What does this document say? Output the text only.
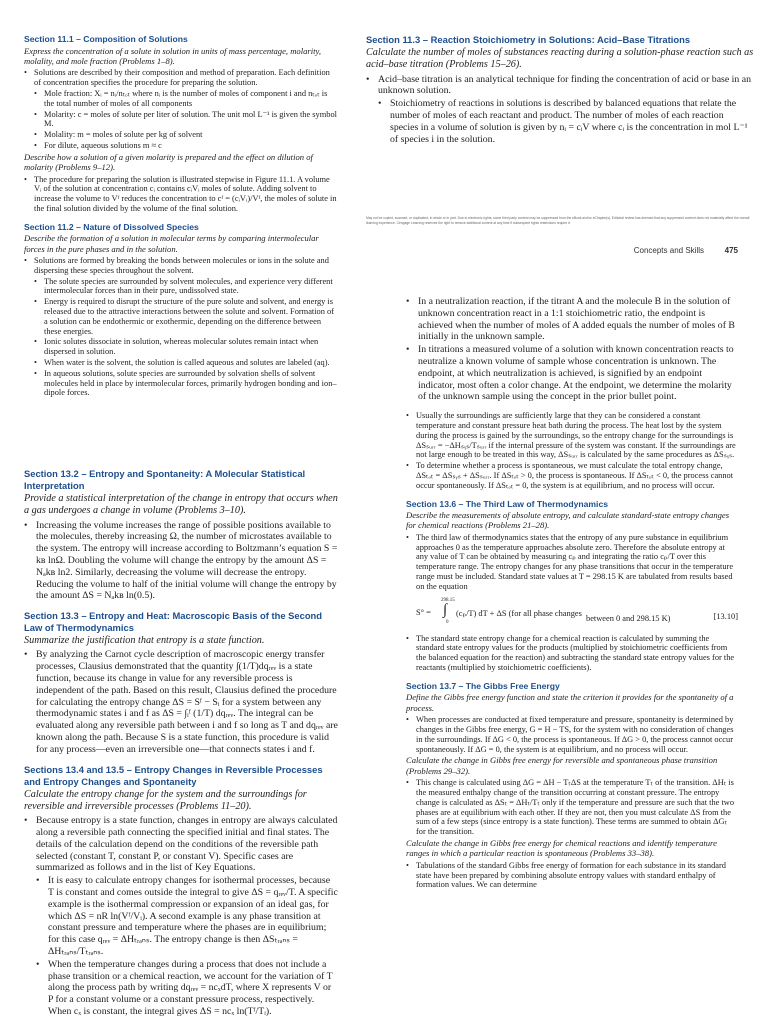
Section 11.1 – Composition of Solutions
Express the concentration of a solute in solution in units of mass percentage, molarity, molality, and mole fraction (Problems 1–8).
• Solutions are described by their composition and method of preparation. Each definition of concentration specifies the procedure for preparing the solution.
• Mole fraction: Xᵢ = nᵢ/nₜₒₜ where nᵢ is the number of moles of component i and nₜₒₜ is the total number of moles of all components
• Molarity: c = moles of solute per liter of solution. The unit mol L⁻¹ is given the symbol M.
• Molality: m = moles of solute per kg of solvent
• For dilute, aqueous solutions m ≈ c
Describe how a solution of a given molarity is prepared and the effect on dilution of molarity (Problems 9–12).
• The procedure for preparing the solution is illustrated stepwise in Figure 11.1. A volume Vᵢ of the solution at concentration cᵢ contains cᵢVᵢ moles of solute. Adding solvent to increase the volume to Vᶠ reduces the concentration to cᶠ = (cᵢVᵢ)/Vᶠ, the moles of solute in the final solution divided by the volume of the final solution.
Section 11.2 – Nature of Dissolved Species
Describe the formation of a solution in molecular terms by comparing intermolecular forces in the pure phases and in the solution.
• Solutions are formed by breaking the bonds between molecules or ions in the solute and dispersing these species throughout the solvent.
• The solute species are surrounded by solvent molecules, and experience very different intermolecular forces than in their pure, undissolved state.
• Energy is required to disrupt the structure of the pure solute and solvent, and energy is released due to the attractive interactions between the solute and solvent. Formation of a solution can be endothermic or exothermic, depending on the difference between these energies.
• Ionic solutes dissociate in solution, whereas molecular solutes remain intact when dispersed in solution.
• When water is the solvent, the solution is called aqueous and solutes are labeled (aq).
• In aqueous solutions, solute species are surrounded by solvation shells of solvent molecules held in place by intermolecular forces, primarily hydrogen bonding and ion–dipole forces.
Section 11.3 – Reaction Stoichiometry in Solutions: Acid–Base Titrations
Calculate the number of moles of substances reacting during a solution-phase reaction such as acid–base titration (Problems 15–26).
• Acid–base titration is an analytical technique for finding the concentration of acid or base in an unknown solution.
• Stoichiometry of reactions in solutions is described by balanced equations that relate the number of moles of each reactant and product. The number of moles of each reaction species in a volume of solution is given by nᵢ = cᵢV where cᵢ is the concentration in mol L⁻¹ of species i in the solution.
May not be copied, scanned, or duplicated, in whole or in part. Due to electronic rights, some third party content may be suppressed from the eBook and/or eChapter(s). Editorial review has deemed that any suppressed content does not materially affect the overall learning experience. Cengage Learning reserves the right to remove additional content at any time if subsequent rights restrictions require it.
Concepts and Skills	475
• In a neutralization reaction, if the titrant A and the molecule B in the solution of unknown concentration react in a 1:1 stoichiometric ratio, the endpoint is achieved when the number of moles of A added equals the number of moles of B initially in the unknown sample.
• In titrations a measured volume of a solution with known concentration reacts to neutralize a known volume of sample whose concentration is unknown. The endpoint, at which neutralization is achieved, is signified by an endpoint indicator, most often a color change. At the endpoint, we determine the molarity of the unknown sample using the concept in the prior bullet point.
• Usually the surroundings are sufficiently large that they can be considered a constant temperature and constant pressure heat bath during the process. The heat lost by the system during the process is gained by the surroundings, so the entropy change for the surroundings is ΔSₛᵤᵣᵣ = −ΔHₛᵧₛ/Tₛᵤᵣᵣ if the internal pressure of the system was constant. If the surroundings are not large enough to be treated in this way, ΔSₛᵤᵣᵣ is calculated by the same procedures as ΔSₛᵧₛ.
• To determine whether a process is spontaneous, we must calculate the total entropy change, ΔSₜₒₜ = ΔSₛᵧₛ + ΔSₛᵤᵣᵣ. If ΔSₜₒₜ > 0, the process is spontaneous. If ΔSₜₒₜ < 0, the process cannot occur spontaneously. If ΔSₜₒₜ = 0, the system is at equilibrium, and no process will occur.
Section 13.6 – The Third Law of Thermodynamics
Describe the measurements of absolute entropy, and calculate standard-state entropy changes for chemical reactions (Problems 21–28).
• The third law of thermodynamics states that the entropy of any pure substance in equilibrium approaches 0 as the temperature approaches absolute zero. Therefore the absolute entropy at any value of T can be obtained by measuring cₚ and integrating the ratio cₚ/T over this temperature range. The entropy changes for any phase transitions that occur in the temperature range must be included. Standard state values at T = 298.15 K are tabulated from results based on the equation
S° =
298.15
∫
0
(cₚ/T) dT + ΔS (for all phase changes
between 0 and 298.15 K)	[13.10]
• The standard state entropy change for a chemical reaction is calculated by summing the standard state entropy values for the products (multiplied by stoichiometric coefficients from the balanced equation for the reaction) and subtracting the standard state entropy values for the reactants (multiplied by stoichiometric coefficients).
Section 13.7 – The Gibbs Free Energy
Define the Gibbs free energy function and state the criterion it provides for the spontaneity of a process.
• When processes are conducted at fixed temperature and pressure, spontaneity is determined by changes in the Gibbs free energy, G = H − TS, for the system with no consideration of changes in the surroundings. If ΔG < 0, the process is spontaneous. If ΔG > 0, the process cannot occur spontaneously. If ΔG = 0, the system is at equilibrium, and no process will occur.
Calculate the change in Gibbs free energy for reversible and spontaneous phase transition (Problems 29–32).
• This change is calculated using ΔG = ΔH − TₜΔS at the temperature Tₜ of the transition. ΔHₜ is the measured enthalpy change of the transition occurring at constant pressure. The entropy change is calculated as ΔSₜ = ΔHₜ/Tₜ only if the temperature and pressure are such that the two phases are at equilibrium with each other. If they are not, then you must calculate ΔS from the sum of a few steps (since entropy is a state function). These terms are summed to obtain ΔGₜ for the transition.
Calculate the change in Gibbs free energy for chemical reactions and identify temperature ranges in which a particular reaction is spontaneous (Problems 33–38).
• Tabulations of the standard Gibbs free energy of formation for each substance in its standard state have been prepared by combining absolute entropy values with standard enthalpy of formation values. We can determine
Section 13.2 – Entropy and Spontaneity: A Molecular Statistical Interpretation
Provide a statistical interpretation of the change in entropy that occurs when a gas undergoes a change in volume (Problems 3–10).
• Increasing the volume increases the range of possible positions available to the molecules, thereby increasing Ω, the number of microstates available to the system. The entropy will increase according to Boltzmann’s equation S = kʙ lnΩ. Doubling the volume will change the entropy by the amount ΔS = Nₐkʙ ln2. Similarly, decreasing the volume will decrease the entropy. Reducing the volume to half of the initial volume will change the entropy by the amount ΔS = Nₐkʙ ln(0.5).
Section 13.3 – Entropy and Heat: Macroscopic Basis of the Second Law of Thermodynamics
Summarize the justification that entropy is a state function.
• By analyzing the Carnot cycle description of macroscopic energy transfer processes, Clausius demonstrated that the quantity ∫(1/T)dqᵣₑᵥ is a state function, because its change in value for any reversible process is independent of the path. Based on this result, Clausius defined the procedure for calculating the entropy change ΔS = Sᶠ − Sᵢ for a system between any thermodynamic states i and f as ΔS = ∫ᵢᶠ (1/T) dqᵣₑᵥ. The integral can be evaluated along any reversible path between i and f so long as T and dqᵣₑᵥ are known along the path. Because S is a state function, this procedure is valid for any process—even an irreversible one—that connects states i and f.
Sections 13.4 and 13.5 – Entropy Changes in Reversible Processes and Entropy Changes and Spontaneity
Calculate the entropy change for the system and the surroundings for reversible and irreversible processes (Problems 11–20).
• Because entropy is a state function, changes in entropy are always calculated along a reversible path connecting the specified initial and final states. The details of the calculation depend on the conditions of the reversible path selected (constant T, constant P, or constant V). Specific cases are summarized as follows and in the list of Key Equations.
• It is easy to calculate entropy changes for isothermal processes, because T is constant and comes outside the integral to give ΔS = qᵣₑᵥ/T. A specific example is the isothermal compression or expansion of an ideal gas, for which ΔS = nR ln(Vᶠ/Vᵢ). A second example is any phase transition at constant pressure and temperature where the phases are in equilibrium; for this case qᵣₑᵥ = ΔHₜᵣₐₙₛ. The entropy change is then ΔSₜᵣₐₙₛ = ΔHₜᵣₐₙₛ/Tₜᵣₐₙₛ.
• When the temperature changes during a process that does not include a phase transition or a chemical reaction, we account for the variation of T along the process path by writing dqᵣₑᵥ = ncₓdT, where X represents V or P for a constant volume or a constant pressure process, respectively. When cₓ is constant, the integral gives ΔS = ncₓ ln(Tᶠ/Tᵢ).
